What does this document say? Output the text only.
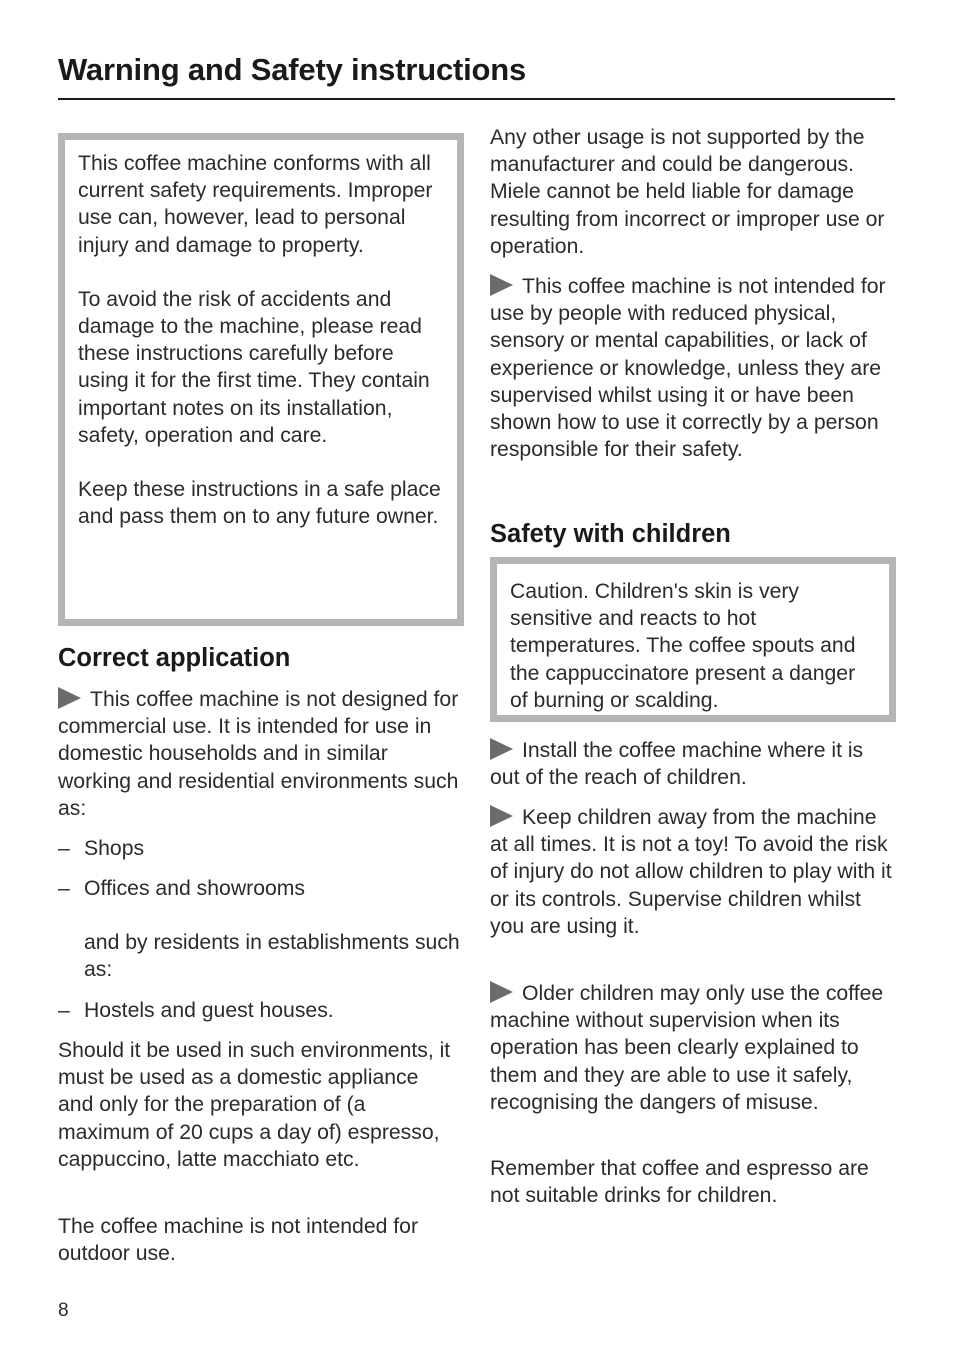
Warning and Safety instructions

This coffee machine conforms with all current safety requirements. Improper use can, however, lead to personal injury and damage to property.

To avoid the risk of accidents and damage to the machine, please read these instructions carefully before using it for the first time. They contain important notes on its installation, safety, operation and care.

Keep these instructions in a safe place and pass them on to any future owner.

Correct application

This coffee machine is not designed for commercial use. It is intended for use in domestic households and in similar working and residential environments such as:

– Shops
– Offices and showrooms

and by residents in establishments such as:

– Hostels and guest houses.

Should it be used in such environments, it must be used as a domestic appliance and only for the preparation of (a maximum of 20 cups a day of) espresso, cappuccino, latte macchiato etc.

The coffee machine is not intended for outdoor use.

Any other usage is not supported by the manufacturer and could be dangerous. Miele cannot be held liable for damage resulting from incorrect or improper use or operation.

This coffee machine is not intended for use by people with reduced physical, sensory or mental capabilities, or lack of experience or knowledge, unless they are supervised whilst using it or have been shown how to use it correctly by a person responsible for their safety.

Safety with children

Caution. Children's skin is very sensitive and reacts to hot temperatures. The coffee spouts and the cappuccinatore present a danger of burning or scalding.

Install the coffee machine where it is out of the reach of children.

Keep children away from the machine at all times. It is not a toy! To avoid the risk of injury do not allow children to play with it or its controls. Supervise children whilst you are using it.

Older children may only use the coffee machine without supervision when its operation has been clearly explained to them and they are able to use it safely, recognising the dangers of misuse.

Remember that coffee and espresso are not suitable drinks for children.

8
